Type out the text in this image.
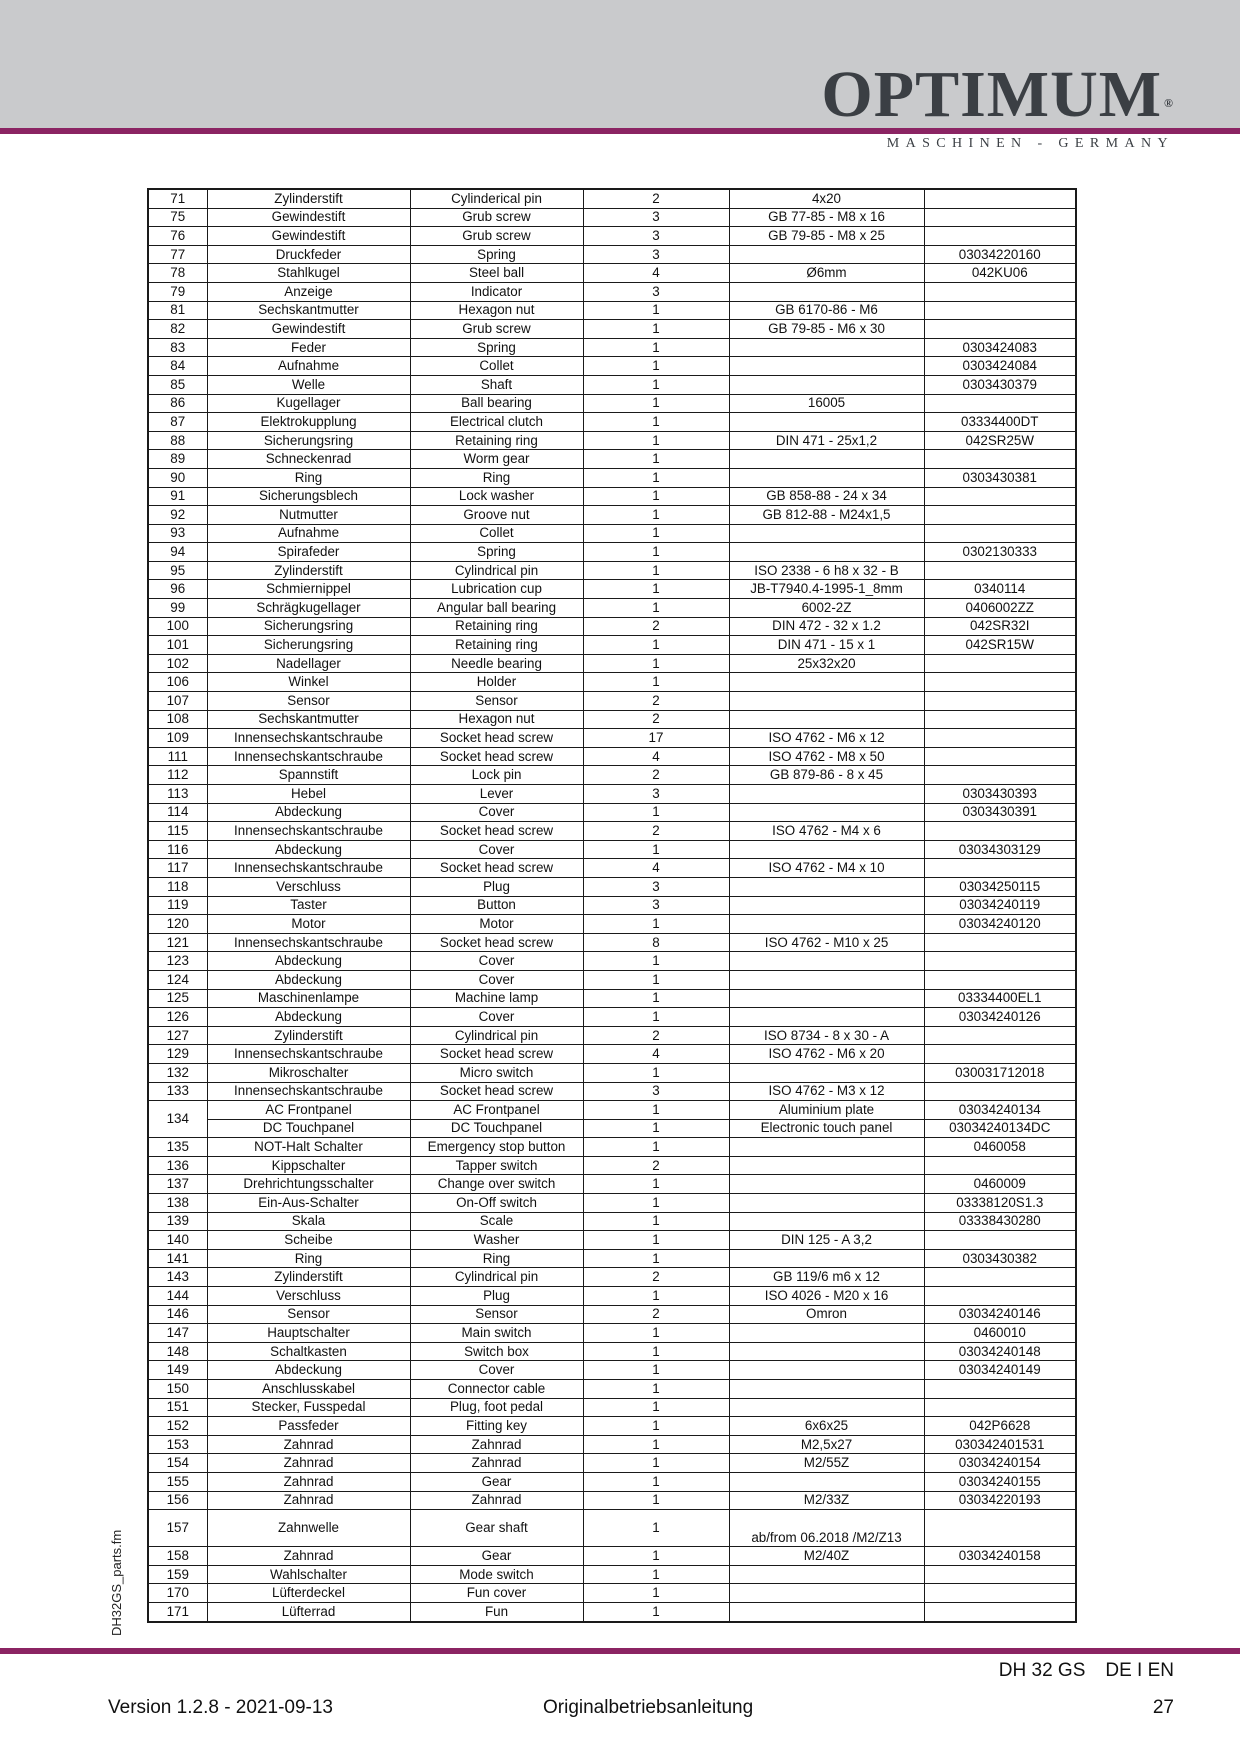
OPTIMUM ®
MASCHINEN - GERMANY
71	Zylinderstift	Cylinderical pin	2	4x20	
75	Gewindestift	Grub screw	3	GB 77-85 - M8 x 16	
76	Gewindestift	Grub screw	3	GB 79-85 - M8 x 25	
77	Druckfeder	Spring	3		03034220160
78	Stahlkugel	Steel ball	4	Ø6mm	042KU06
79	Anzeige	Indicator	3		
81	Sechskantmutter	Hexagon nut	1	GB 6170-86 - M6	
82	Gewindestift	Grub screw	1	GB 79-85 - M6 x 30	
83	Feder	Spring	1		0303424083
84	Aufnahme	Collet	1		0303424084
85	Welle	Shaft	1		0303430379
86	Kugellager	Ball bearing	1	16005	
87	Elektrokupplung	Electrical clutch	1		03334400DT
88	Sicherungsring	Retaining ring	1	DIN 471 - 25x1,2	042SR25W
89	Schneckenrad	Worm gear	1		
90	Ring	Ring	1		0303430381
91	Sicherungsblech	Lock washer	1	GB 858-88 - 24 x 34	
92	Nutmutter	Groove nut	1	GB 812-88 - M24x1,5	
93	Aufnahme	Collet	1		
94	Spirafeder	Spring	1		0302130333
95	Zylinderstift	Cylindrical pin	1	ISO 2338 - 6 h8 x 32 - B	
96	Schmiernippel	Lubrication cup	1	JB-T7940.4-1995-1_8mm	0340114
99	Schrägkugellager	Angular ball bearing	1	6002-2Z	0406002ZZ
100	Sicherungsring	Retaining ring	2	DIN 472 - 32 x 1.2	042SR32I
101	Sicherungsring	Retaining ring	1	DIN 471 - 15 x 1	042SR15W
102	Nadellager	Needle bearing	1	25x32x20	
106	Winkel	Holder	1		
107	Sensor	Sensor	2		
108	Sechskantmutter	Hexagon nut	2		
109	Innensechskantschraube	Socket head screw	17	ISO 4762 - M6 x 12	
111	Innensechskantschraube	Socket head screw	4	ISO 4762 - M8 x 50	
112	Spannstift	Lock pin	2	GB 879-86 - 8 x 45	
113	Hebel	Lever	3		0303430393
114	Abdeckung	Cover	1		0303430391
115	Innensechskantschraube	Socket head screw	2	ISO 4762 - M4 x 6	
116	Abdeckung	Cover	1		03034303129
117	Innensechskantschraube	Socket head screw	4	ISO 4762 - M4 x 10	
118	Verschluss	Plug	3		03034250115
119	Taster	Button	3		03034240119
120	Motor	Motor	1		03034240120
121	Innensechskantschraube	Socket head screw	8	ISO 4762 - M10 x 25	
123	Abdeckung	Cover	1		
124	Abdeckung	Cover	1		
125	Maschinenlampe	Machine lamp	1		03334400EL1
126	Abdeckung	Cover	1		03034240126
127	Zylinderstift	Cylindrical pin	2	ISO 8734 - 8 x 30 - A	
129	Innensechskantschraube	Socket head screw	4	ISO 4762 - M6 x 20	
132	Mikroschalter	Micro switch	1		030031712018
133	Innensechskantschraube	Socket head screw	3	ISO 4762 - M3 x 12	
134	AC Frontpanel	AC Frontpanel	1	Aluminium plate	03034240134
	DC Touchpanel	DC Touchpanel	1	Electronic touch panel	03034240134DC
135	NOT-Halt Schalter	Emergency stop button	1		0460058
136	Kippschalter	Tapper switch	2		
137	Drehrichtungsschalter	Change over switch	1		0460009
138	Ein-Aus-Schalter	On-Off switch	1		03338120S1.3
139	Skala	Scale	1		03338430280
140	Scheibe	Washer	1	DIN 125 - A 3,2	
141	Ring	Ring	1		0303430382
143	Zylinderstift	Cylindrical pin	2	GB 119/6 m6 x 12	
144	Verschluss	Plug	1	ISO 4026 - M20 x 16	
146	Sensor	Sensor	2	Omron	03034240146
147	Hauptschalter	Main switch	1		0460010
148	Schaltkasten	Switch box	1		03034240148
149	Abdeckung	Cover	1		03034240149
150	Anschlusskabel	Connector cable	1		
151	Stecker, Fusspedal	Plug, foot pedal	1		
152	Passfeder	Fitting key	1	6x6x25	042P6628
153	Zahnrad	Zahnrad	1	M2,5x27	030342401531
154	Zahnrad	Zahnrad	1	M2/55Z	03034240154
155	Zahnrad	Gear	1		03034240155
156	Zahnrad	Zahnrad	1	M2/33Z	03034220193
157	Zahnwelle	Gear shaft	1	ab/from 06.2018 /M2/Z13	
158	Zahnrad	Gear	1	M2/40Z	03034240158
159	Wahlschalter	Mode switch	1		
170	Lüfterdeckel	Fun cover	1		
171	Lüfterrad	Fun	1		
DH32GS_parts.fm
DH 32 GS DE I EN
Version 1.2.8 - 2021-09-13	Originalbetriebsanleitung	27
